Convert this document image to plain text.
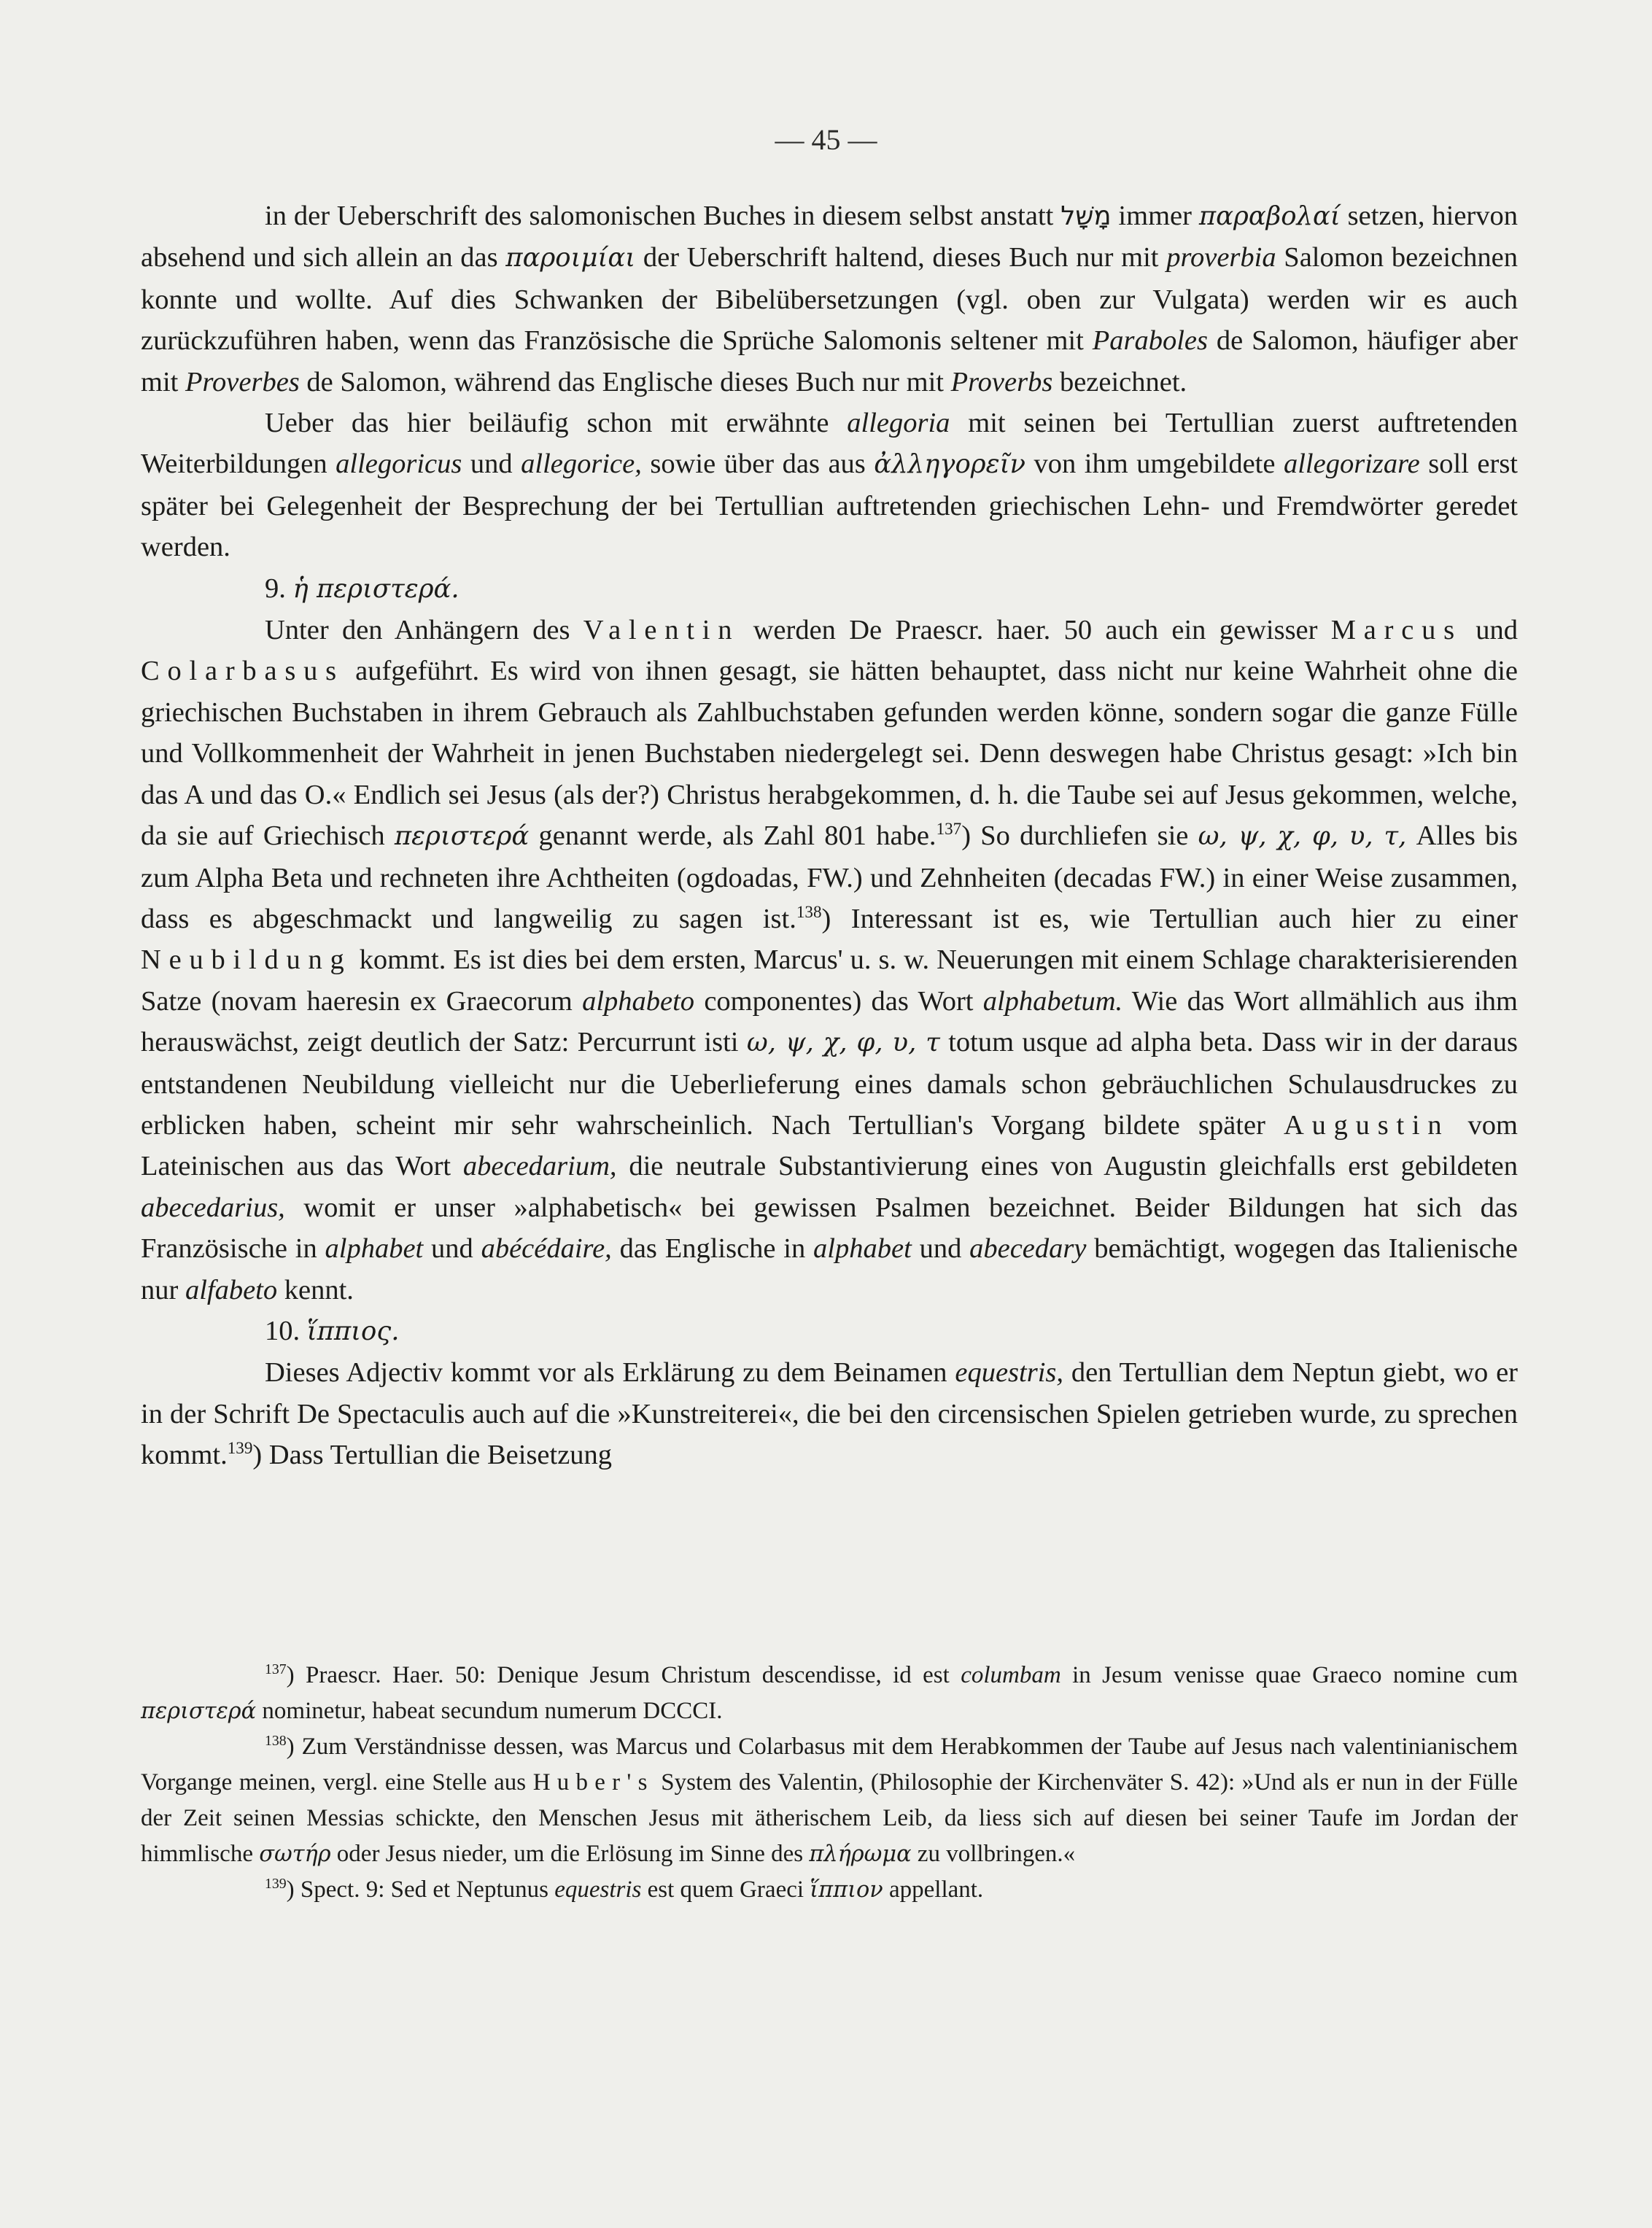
— 45 —

in der Ueberschrift des salomonischen Buches in diesem selbst anstatt מָשָׁל immer παραβολαί setzen, hiervon absehend und sich allein an das παροιμίαι der Ueberschrift haltend, dieses Buch nur mit proverbia Salomon bezeichnen konnte und wollte. Auf dies Schwanken der Bibelübersetzungen (vgl. oben zur Vulgata) werden wir es auch zurückzuführen haben, wenn das Französische die Sprüche Salomonis seltener mit Paraboles de Salomon, häufiger aber mit Proverbes de Salomon, während das Englische dieses Buch nur mit Proverbs bezeichnet.

Ueber das hier beiläufig schon mit erwähnte allegoria mit seinen bei Tertullian zuerst auftretenden Weiterbildungen allegoricus und allegorice, sowie über das aus ἀλληγορεῖν von ihm umgebildete allegorizare soll erst später bei Gelegenheit der Besprechung der bei Tertullian auftretenden griechischen Lehn- und Fremdwörter geredet werden.

9. ἡ περιστερά.

Unter den Anhängern des Valentin werden De Praescr. haer. 50 auch ein gewisser Marcus und Colarbasus aufgeführt. Es wird von ihnen gesagt, sie hätten behauptet, dass nicht nur keine Wahrheit ohne die griechischen Buchstaben in ihrem Gebrauch als Zahlbuchstaben gefunden werden könne, sondern sogar die ganze Fülle und Vollkommenheit der Wahrheit in jenen Buchstaben niedergelegt sei. Denn deswegen habe Christus gesagt: »Ich bin das A und das O.« Endlich sei Jesus (als der?) Christus herabgekommen, d. h. die Taube sei auf Jesus gekommen, welche, da sie auf Griechisch περιστερά genannt werde, als Zahl 801 habe.$^{137}$) So durchliefen sie ω, ψ, χ, φ, υ, τ, Alles bis zum Alpha Beta und rechneten ihre Achtheiten (ogdoadas, FW.) und Zehnheiten (decadas FW.) in einer Weise zusammen, dass es abgeschmackt und langweilig zu sagen ist.$^{138}$) Interessant ist es, wie Tertullian auch hier zu einer Neubildung kommt. Es ist dies bei dem ersten, Marcus' u. s. w. Neuerungen mit einem Schlage charakterisierenden Satze (novam haeresin ex Graecorum alphabeto componentes) das Wort alphabetum. Wie das Wort allmählich aus ihm herauswächst, zeigt deutlich der Satz: Percurrunt isti ω, ψ, χ, φ, υ, τ totum usque ad alpha beta. Dass wir in der daraus entstandenen Neubildung vielleicht nur die Ueberlieferung eines damals schon gebräuchlichen Schulausdruckes zu erblicken haben, scheint mir sehr wahrscheinlich. Nach Tertullian's Vorgang bildete später Augustin vom Lateinischen aus das Wort abecedarium, die neutrale Substantivierung eines von Augustin gleichfalls erst gebildeten abecedarius, womit er unser »alphabetisch« bei gewissen Psalmen bezeichnet. Beider Bildungen hat sich das Französische in alphabet und abécédaire, das Englische in alphabet und abecedary bemächtigt, wogegen das Italienische nur alfabeto kennt.

10. ἵππιος.

Dieses Adjectiv kommt vor als Erklärung zu dem Beinamen equestris, den Tertullian dem Neptun giebt, wo er in der Schrift De Spectaculis auch auf die »Kunstreiterei«, die bei den circensischen Spielen getrieben wurde, zu sprechen kommt.$^{139}$) Dass Tertullian die Beisetzung

$^{137}$) Praescr. Haer. 50: Denique Jesum Christum descendisse, id est columbam in Jesum venisse quae Graeco nomine cum περιστερά nominetur, habeat secundum numerum DCCCI.

$^{138}$) Zum Verständnisse dessen, was Marcus und Colarbasus mit dem Herabkommen der Taube auf Jesus nach valentinianischem Vorgange meinen, vergl. eine Stelle aus Huber's System des Valentin, (Philosophie der Kirchenväter S. 42): »Und als er nun in der Fülle der Zeit seinen Messias schickte, den Menschen Jesus mit ätherischem Leib, da liess sich auf diesen bei seiner Taufe im Jordan der himmlische σωτήρ oder Jesus nieder, um die Erlösung im Sinne des πλήρωμα zu vollbringen.«

$^{139}$) Spect. 9: Sed et Neptunus equestris est quem Graeci ἵππιον appellant.
